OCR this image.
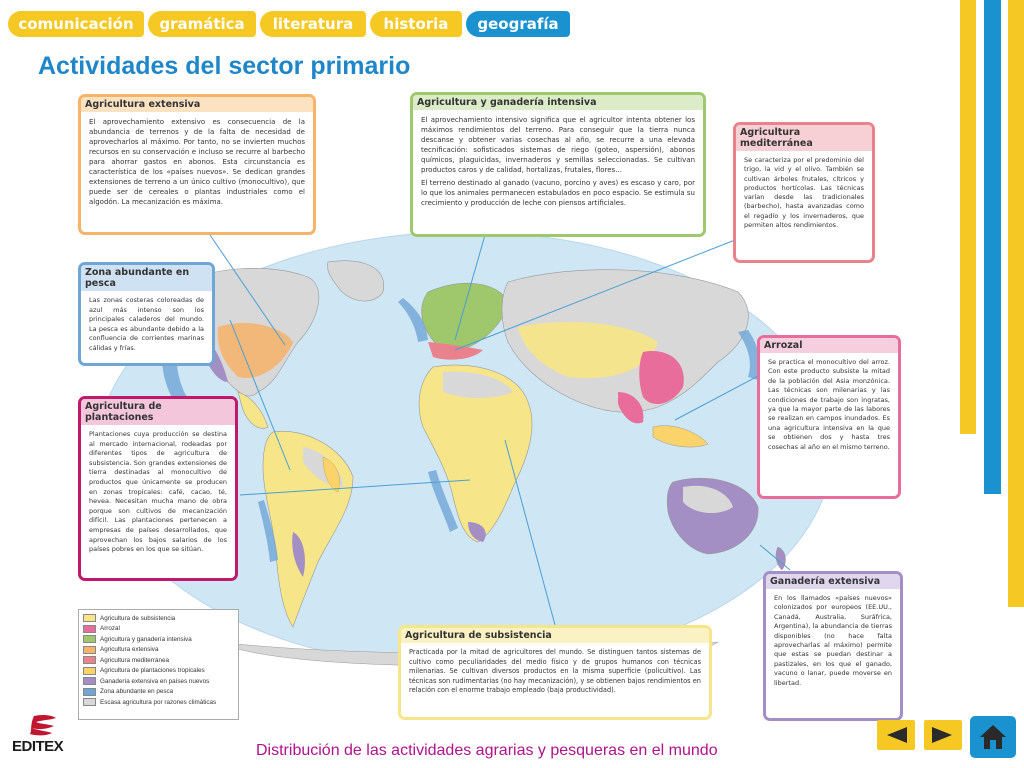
comunicación	gramática	literatura	historia	geografía
Actividades del sector primario
Agricultura extensiva
El aprovechamiento extensivo es consecuencia de la abundancia de terrenos y de la falta de necesidad de aprovecharlos al máximo. Por tanto, no se invierten muchos recursos en su conservación e incluso se recurre al barbecho para ahorrar gastos en abonos. Esta circunstancia es característica de los «países nuevos». Se dedican grandes extensiones de terreno a un único cultivo (monocultivo), que puede ser de cereales o plantas industriales como el algodón. La mecanización es máxima.
Agricultura y ganadería intensiva
El aprovechamiento intensivo significa que el agricultor intenta obtener los máximos rendimientos del terreno. Para conseguir que la tierra nunca descanse y obtener varias cosechas al año, se recurre a una elevada tecnificación: sofisticados sistemas de riego (goteo, aspersión), abonos químicos, plaguicidas, invernaderos y semillas seleccionadas. Se cultivan productos caros y de calidad, hortalizas, frutales, flores...
El terreno destinado al ganado (vacuno, porcino y aves) es escaso y caro, por lo que los animales permanecen estabulados en poco espacio. Se estimula su crecimiento y producción de leche con piensos artificiales.
Agricultura mediterránea
Se caracteriza por el predominio del trigo, la vid y el olivo. También se cultivan árboles frutales, cítricos y productos hortícolas. Las técnicas varían desde las tradicionales (barbecho), hasta avanzadas como el regadío y los invernaderos, que permiten altos rendimientos.
Zona abundante en pesca
Las zonas costeras coloreadas de azul más intenso son los principales caladeros del mundo. La pesca es abundante debido a la confluencia de corrientes marinas cálidas y frías.
Agricultura de plantaciones
Plantaciones cuya producción se destina al mercado internacional, rodeadas por diferentes tipos de agricultura de subsistencia. Son grandes extensiones de tierra destinadas al monocultivo de productos que únicamente se producen en zonas tropicales: café, cacao, té, hevea. Necesitan mucha mano de obra porque son cultivos de mecanización difícil. Las plantaciones pertenecen a empresas de países desarrollados, que aprovechan los bajos salarios de los países pobres en los que se sitúan.
Arrozal
Se practica el monocultivo del arroz. Con este producto subsiste la mitad de la población del Asia monzónica. Las técnicas son milenarias y las condiciones de trabajo son ingratas, ya que la mayor parte de las labores se realizan en campos inundados. Es una agricultura intensiva en la que se obtienen dos y hasta tres cosechas al año en el mismo terreno.
Agricultura de subsistencia
Practicada por la mitad de agricultores del mundo. Se distinguen tantos sistemas de cultivo como peculiaridades del medio físico y de grupos humanos con técnicas milenarias. Se cultivan diversos productos en la misma superficie (policultivo). Las técnicas son rudimentarias (no hay mecanización), y se obtienen bajos rendimientos en relación con el enorme trabajo empleado (baja productividad).
Ganadería extensiva
En los llamados «países nuevos» colonizados por europeos (EE.UU., Canadá, Australia, Suráfrica, Argentina), la abundancia de tierras disponibles (no hace falta aprovecharlas al máximo) permite que estas se puedan destinar a pastizales, en los que el ganado, vacuno o lanar, puede moverse en libertad.
Agricultura de subsistencia
Arrozal
Agricultura y ganadería intensiva
Agricultura extensiva
Agricultura mediterránea
Agricultura de plantaciones tropicales
Ganadería extensiva en países nuevos
Zona abundante en pesca
Escasa agricultura por razones climáticas
EDITEX	Distribución de las actividades agrarias y pesqueras en el mundo
